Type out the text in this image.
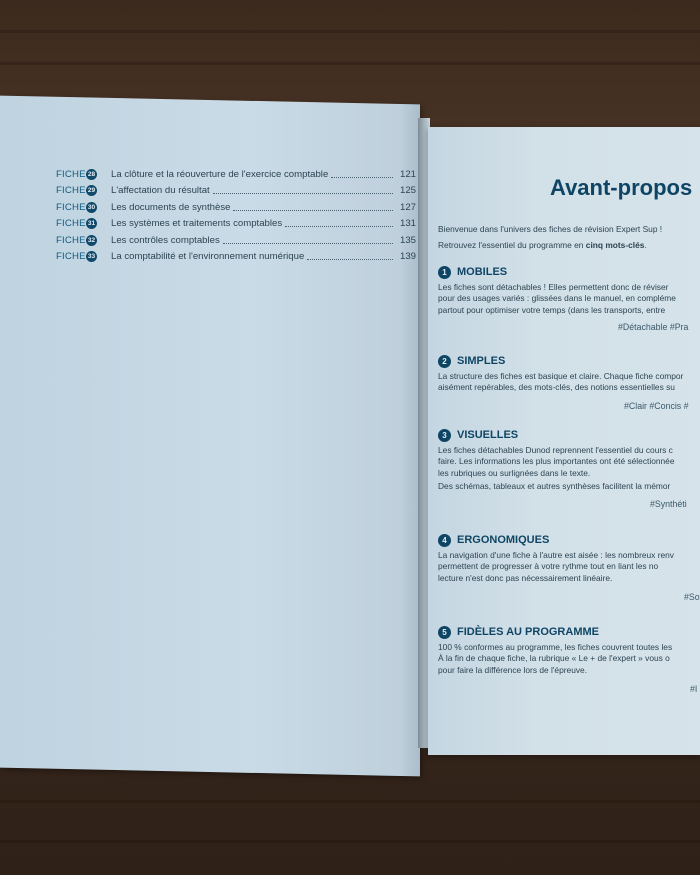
FICHE 28 La clôture et la réouverture de l'exercice comptable	121
FICHE 29 L'affectation du résultat	125
FICHE 30 Les documents de synthèse	127
FICHE 31 Les systèmes et traitements comptables	131
FICHE 32 Les contrôles comptables	135
FICHE 33 La comptabilité et l'environnement numérique	139
Avant-propos
Bienvenue dans l'univers des fiches de révision Expert Sup !
Retrouvez l'essentiel du programme en cinq mots-clés.
1 MOBILES
Les fiches sont détachables ! Elles permettent donc de réviser
pour des usages variés : glissées dans le manuel, en compléme
partout pour optimiser votre temps (dans les transports, entre
#Détachable #Pra
2 SIMPLES
La structure des fiches est basique et claire. Chaque fiche compor
aisément repérables, des mots-clés, des notions essentielles su
#Clair #Concis #
3 VISUELLES
Les fiches détachables Dunod reprennent l'essentiel du cours c
faire. Les informations les plus importantes ont été sélectionnée
les rubriques ou surlignées dans le texte.
Des schémas, tableaux et autres synthèses facilitent la mémor
#Synthéti
4 ERGONOMIQUES
La navigation d'une fiche à l'autre est aisée : les nombreux renv
permettent de progresser à votre rythme tout en liant les no
lecture n'est donc pas nécessairement linéaire.
#So
5 FIDÈLES AU PROGRAMME
100 % conformes au programme, les fiches couvrent toutes les
À la fin de chaque fiche, la rubrique « Le + de l'expert » vous o
pour faire la différence lors de l'épreuve.
#I
